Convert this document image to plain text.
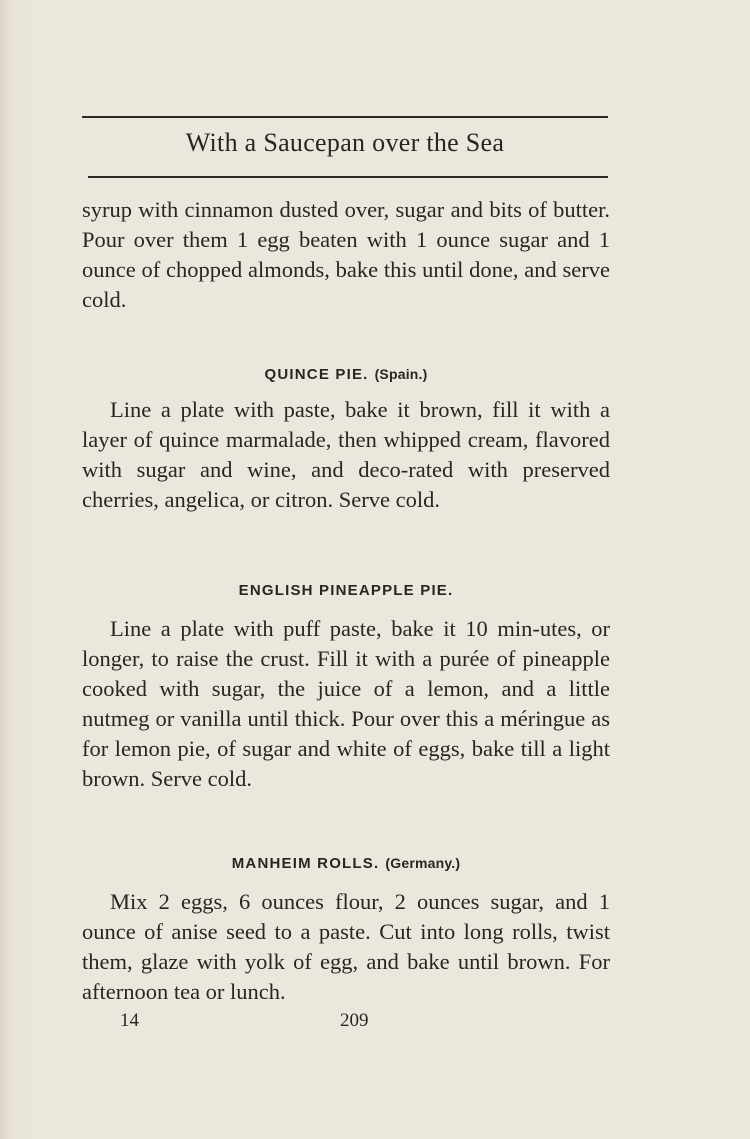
With a Saucepan over the Sea
syrup with cinnamon dusted over, sugar and bits of butter. Pour over them 1 egg beaten with 1 ounce sugar and 1 ounce of chopped almonds, bake this until done, and serve cold.
QUINCE PIE. (Spain.)
Line a plate with paste, bake it brown, fill it with a layer of quince marmalade, then whipped cream, flavored with sugar and wine, and deco-rated with preserved cherries, angelica, or citron. Serve cold.
ENGLISH PINEAPPLE PIE.
Line a plate with puff paste, bake it 10 min-utes, or longer, to raise the crust. Fill it with a purée of pineapple cooked with sugar, the juice of a lemon, and a little nutmeg or vanilla until thick. Pour over this a méringue as for lemon pie, of sugar and white of eggs, bake till a light brown. Serve cold.
MANHEIM ROLLS. (Germany.)
Mix 2 eggs, 6 ounces flour, 2 ounces sugar, and 1 ounce of anise seed to a paste. Cut into long rolls, twist them, glaze with yolk of egg, and bake until brown. For afternoon tea or lunch.
14	209
